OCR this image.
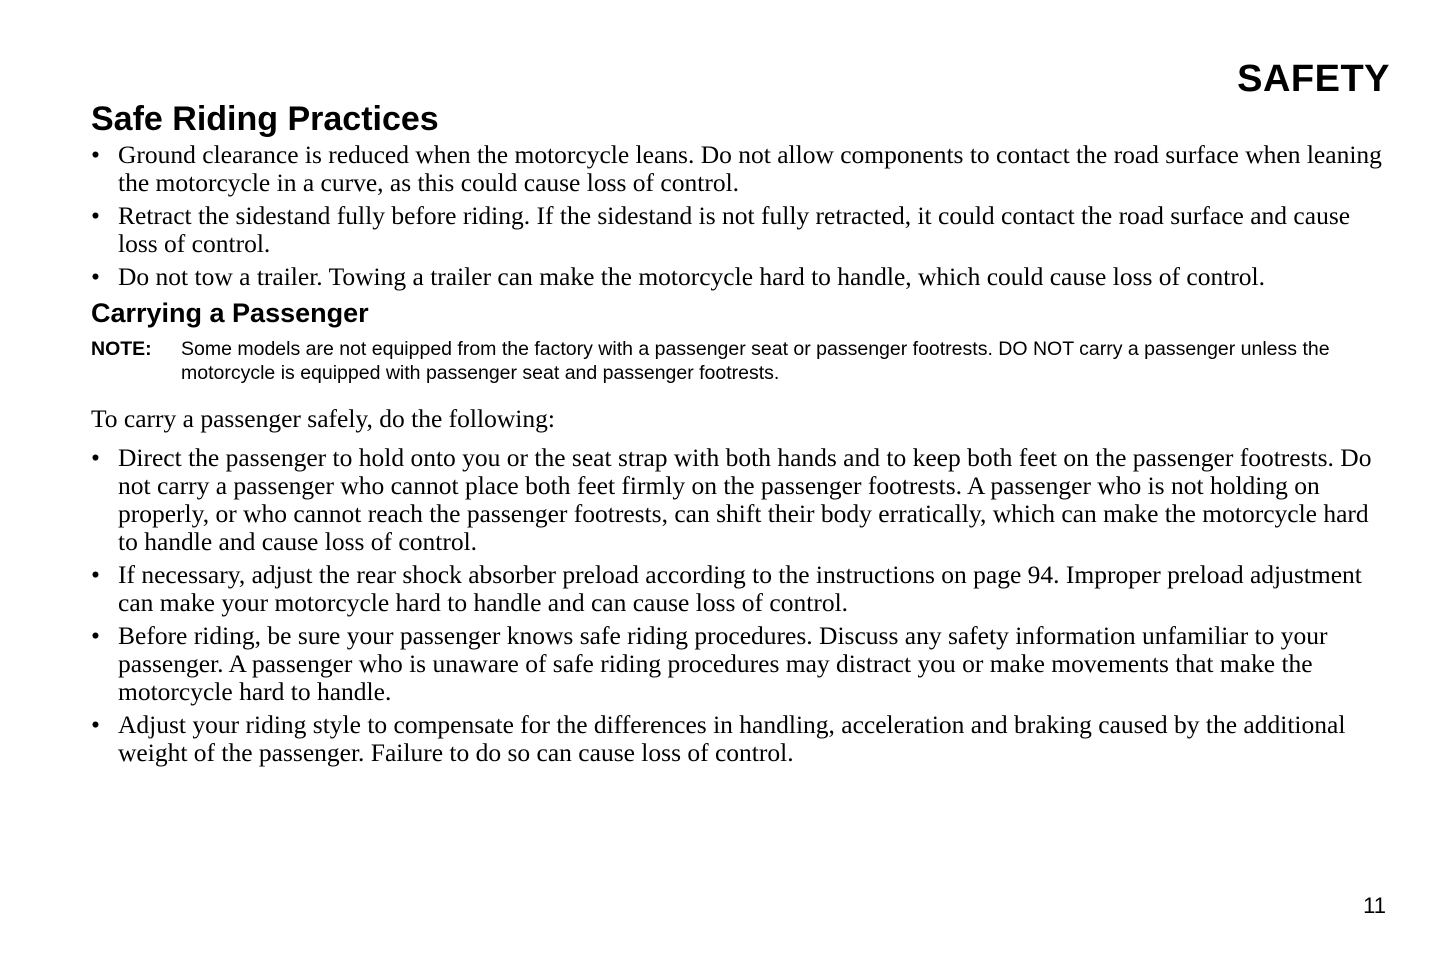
SAFETY
Safe Riding Practices
• Ground clearance is reduced when the motorcycle leans. Do not allow components to contact the road surface when leaning the motorcycle in a curve, as this could cause loss of control.
• Retract the sidestand fully before riding. If the sidestand is not fully retracted, it could contact the road surface and cause loss of control.
• Do not tow a trailer. Towing a trailer can make the motorcycle hard to handle, which could cause loss of control.
Carrying a Passenger
NOTE:	Some models are not equipped from the factory with a passenger seat or passenger footrests. DO NOT carry a passenger unless the motorcycle is equipped with passenger seat and passenger footrests.

To carry a passenger safely, do the following:

• Direct the passenger to hold onto you or the seat strap with both hands and to keep both feet on the passenger footrests. Do not carry a passenger who cannot place both feet firmly on the passenger footrests. A passenger who is not holding on properly, or who cannot reach the passenger footrests, can shift their body erratically, which can make the motorcycle hard to handle and cause loss of control.
• If necessary, adjust the rear shock absorber preload according to the instructions on page 94. Improper preload adjustment can make your motorcycle hard to handle and can cause loss of control.
• Before riding, be sure your passenger knows safe riding procedures. Discuss any safety information unfamiliar to your passenger. A passenger who is unaware of safe riding procedures may distract you or make movements that make the motorcycle hard to handle.
• Adjust your riding style to compensate for the differences in handling, acceleration and braking caused by the additional weight of the passenger. Failure to do so can cause loss of control.
11
